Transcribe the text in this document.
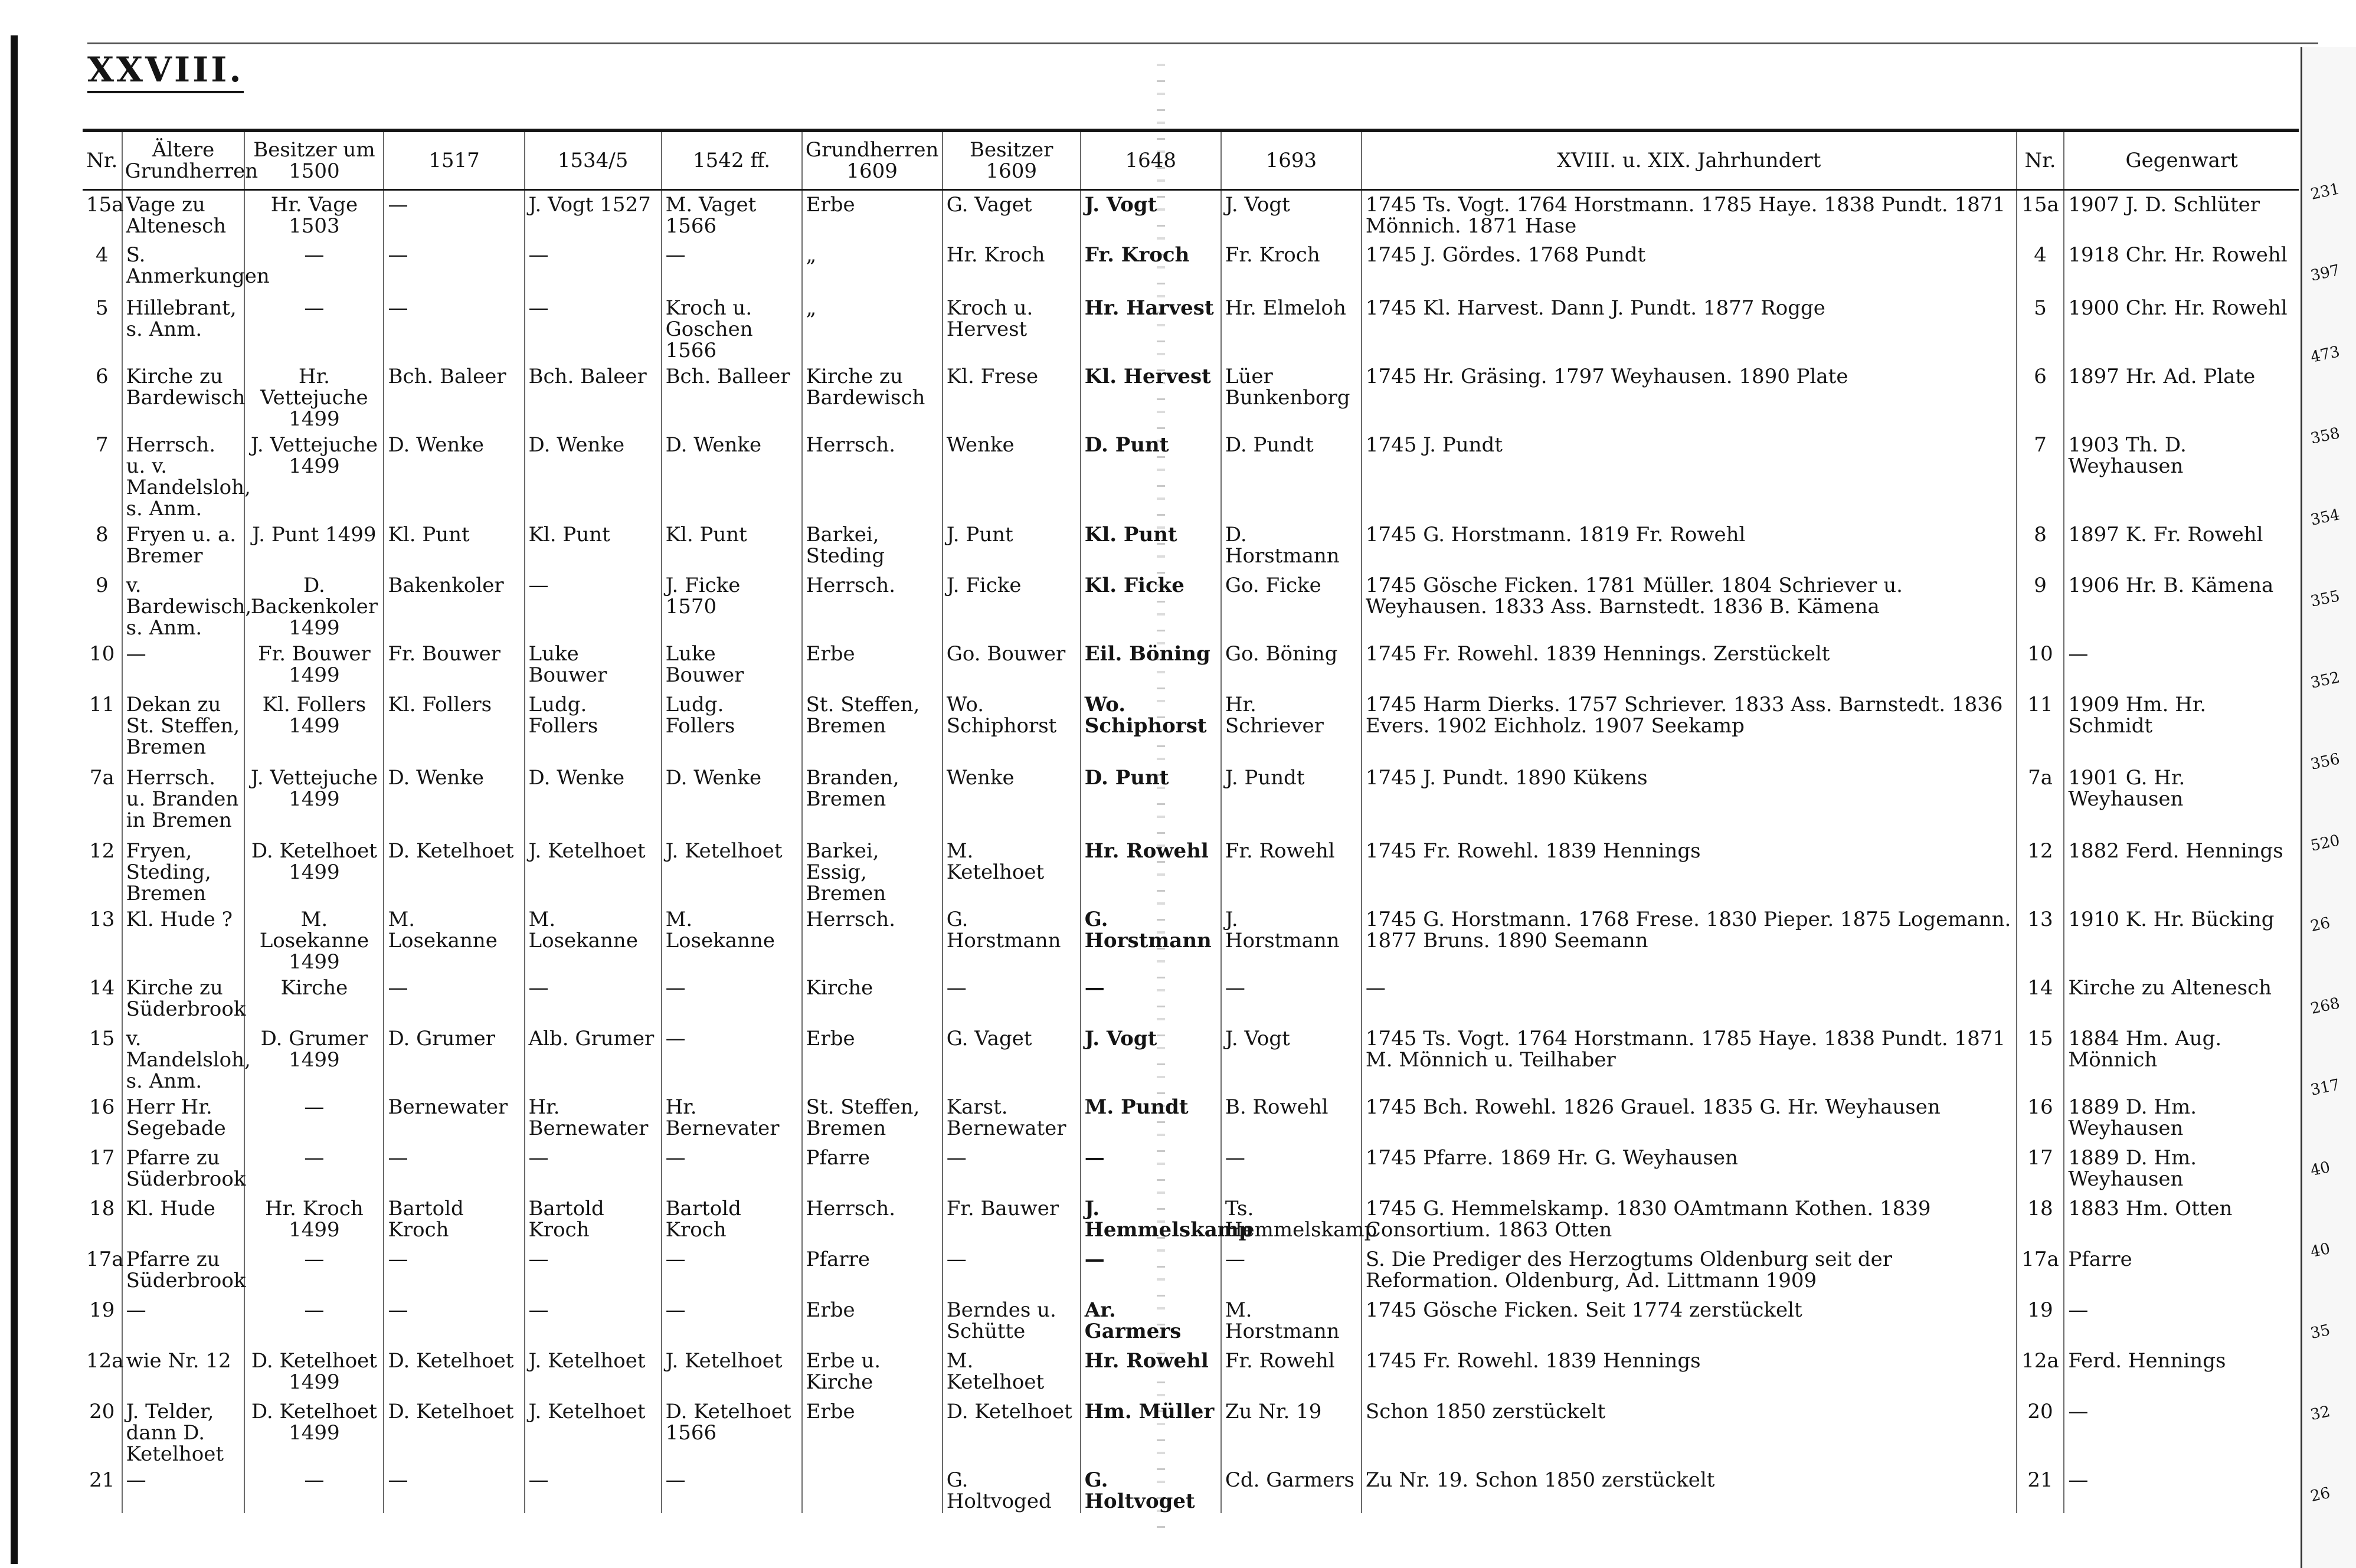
XXVIII.
Nr.	Ältere Grundherren	Besitzer um 1500	1517	1534/5	1542 ff.	Grundherren 1609	Besitzer 1609	1648	1693	XVIII. u. XIX. Jahrhundert	Nr.	Gegenwart
15a	Vage zu Altenesch	Hr. Vage 1503	—	J. Vogt 1527	M. Vaget 1566	Erbe	G. Vaget	J. Vogt	J. Vogt	1745 Ts. Vogt. 1764 Horstmann. 1785 Haye. 1838 Pundt. 1871 Mönnich. 1871 Hase	15a	1907 J. D. Schlüter
4	S. Anmerkungen	—	—	—	—	„	Hr. Kroch	Fr. Kroch	Fr. Kroch	1745 J. Gördes. 1768 Pundt	4	1918 Chr. Hr. Rowehl
5	Hillebrant, s. Anm.	—	—	—	Kroch u. Goschen 1566	„	Kroch u. Hervest	Hr. Harvest	Hr. Elmeloh	1745 Kl. Harvest. Dann J. Pundt. 1877 Rogge	5	1900 Chr. Hr. Rowehl
6	Kirche zu Bardewisch	Hr. Vettejuche 1499	Bch. Baleer	Bch. Baleer	Bch. Balleer	Kirche zu Bardewisch	Kl. Frese	Kl. Hervest	Lüer Bunkenborg	1745 Hr. Gräsing. 1797 Weyhausen. 1890 Plate	6	1897 Hr. Ad. Plate
7	Herrsch. u. v. Mandelsloh, s. Anm.	J. Vettejuche 1499	D. Wenke	D. Wenke	D. Wenke	Herrsch.	Wenke	D. Punt	D. Pundt	1745 J. Pundt	7	1903 Th. D. Weyhausen
8	Fryen u. a. Bremer	J. Punt 1499	Kl. Punt	Kl. Punt	Kl. Punt	Barkei, Steding	J. Punt	Kl. Punt	D. Horstmann	1745 G. Horstmann. 1819 Fr. Rowehl	8	1897 K. Fr. Rowehl
9	v. Bardewisch, s. Anm.	D. Backenkoler 1499	Bakenkoler	—	J. Ficke 1570	Herrsch.	J. Ficke	Kl. Ficke	Go. Ficke	1745 Gösche Ficken. 1781 Müller. 1804 Schriever u. Weyhausen. 1833 Ass. Barnstedt. 1836 B. Kämena	9	1906 Hr. B. Kämena
10	—	Fr. Bouwer 1499	Fr. Bouwer	Luke Bouwer	Luke Bouwer	Erbe	Go. Bouwer	Eil. Böning	Go. Böning	1745 Fr. Rowehl. 1839 Hennings. Zerstückelt	10	—
11	Dekan zu St. Steffen, Bremen	Kl. Follers 1499	Kl. Follers	Ludg. Follers	Ludg. Follers	St. Steffen, Bremen	Wo. Schiphorst	Wo. Schiphorst	Hr. Schriever	1745 Harm Dierks. 1757 Schriever. 1833 Ass. Barnstedt. 1836 Evers. 1902 Eichholz. 1907 Seekamp	11	1909 Hm. Hr. Schmidt
7a	Herrsch. u. Branden in Bremen	J. Vettejuche 1499	D. Wenke	D. Wenke	D. Wenke	Branden, Bremen	Wenke	D. Punt	J. Pundt	1745 J. Pundt. 1890 Kükens	7a	1901 G. Hr. Weyhausen
12	Fryen, Steding, Bremen	D. Ketelhoet 1499	D. Ketelhoet	J. Ketelhoet	J. Ketelhoet	Barkei, Essig, Bremen	M. Ketelhoet	Hr. Rowehl	Fr. Rowehl	1745 Fr. Rowehl. 1839 Hennings	12	1882 Ferd. Hennings
13	Kl. Hude ?	M. Losekanne 1499	M. Losekanne	M. Losekanne	M. Losekanne	Herrsch.	G. Horstmann	G. Horstmann	J. Horstmann	1745 G. Horstmann. 1768 Frese. 1830 Pieper. 1875 Logemann. 1877 Bruns. 1890 Seemann	13	1910 K. Hr. Bücking
14	Kirche zu Süderbrook	Kirche	—	—	—	Kirche	—	—	—	—	14	Kirche zu Altenesch
15	v. Mandelsloh, s. Anm.	D. Grumer 1499	D. Grumer	Alb. Grumer	—	Erbe	G. Vaget	J. Vogt	J. Vogt	1745 Ts. Vogt. 1764 Horstmann. 1785 Haye. 1838 Pundt. 1871 M. Mönnich u. Teilhaber	15	1884 Hm. Aug. Mönnich
16	Herr Hr. Segebade	—	Bernewater	Hr. Bernewater	Hr. Bernevater	St. Steffen, Bremen	Karst. Bernewater	M. Pundt	B. Rowehl	1745 Bch. Rowehl. 1826 Grauel. 1835 G. Hr. Weyhausen	16	1889 D. Hm. Weyhausen
17	Pfarre zu Süderbrook	—	—	—	—	Pfarre	—	—	—	1745 Pfarre. 1869 Hr. G. Weyhausen	17	1889 D. Hm. Weyhausen
18	Kl. Hude	Hr. Kroch 1499	Bartold Kroch	Bartold Kroch	Bartold Kroch	Herrsch.	Fr. Bauwer	J. Hemmelskamp	Ts. Hemmelskamp	1745 G. Hemmelskamp. 1830 OAmtmann Kothen. 1839 Consortium. 1863 Otten	18	1883 Hm. Otten
17a	Pfarre zu Süderbrook	—	—	—	—	Pfarre	—	—	—	S. Die Prediger des Herzogtums Oldenburg seit der Reformation. Oldenburg, Ad. Littmann 1909	17a	Pfarre
19	—	—	—	—	—	Erbe	Berndes u. Schütte	Ar. Garmers	M. Horstmann	1745 Gösche Ficken. Seit 1774 zerstückelt	19	—
12a	wie Nr. 12	D. Ketelhoet 1499	D. Ketelhoet	J. Ketelhoet	J. Ketelhoet	Erbe u. Kirche	M. Ketelhoet	Hr. Rowehl	Fr. Rowehl	1745 Fr. Rowehl. 1839 Hennings	12a	Ferd. Hennings
20	J. Telder, dann D. Ketelhoet	D. Ketelhoet 1499	D. Ketelhoet	J. Ketelhoet	D. Ketelhoet 1566	Erbe	D. Ketelhoet	Hm. Müller	Zu Nr. 19	Schon 1850 zerstückelt	20	—
21	—	—	—	—	—		G. Holtvoged	G. Holtvoget	Cd. Garmers	Zu Nr. 19. Schon 1850 zerstückelt	21	—
231
397
473
358
354
355
352
356
520
26
268
317
40
40
35
32
26
